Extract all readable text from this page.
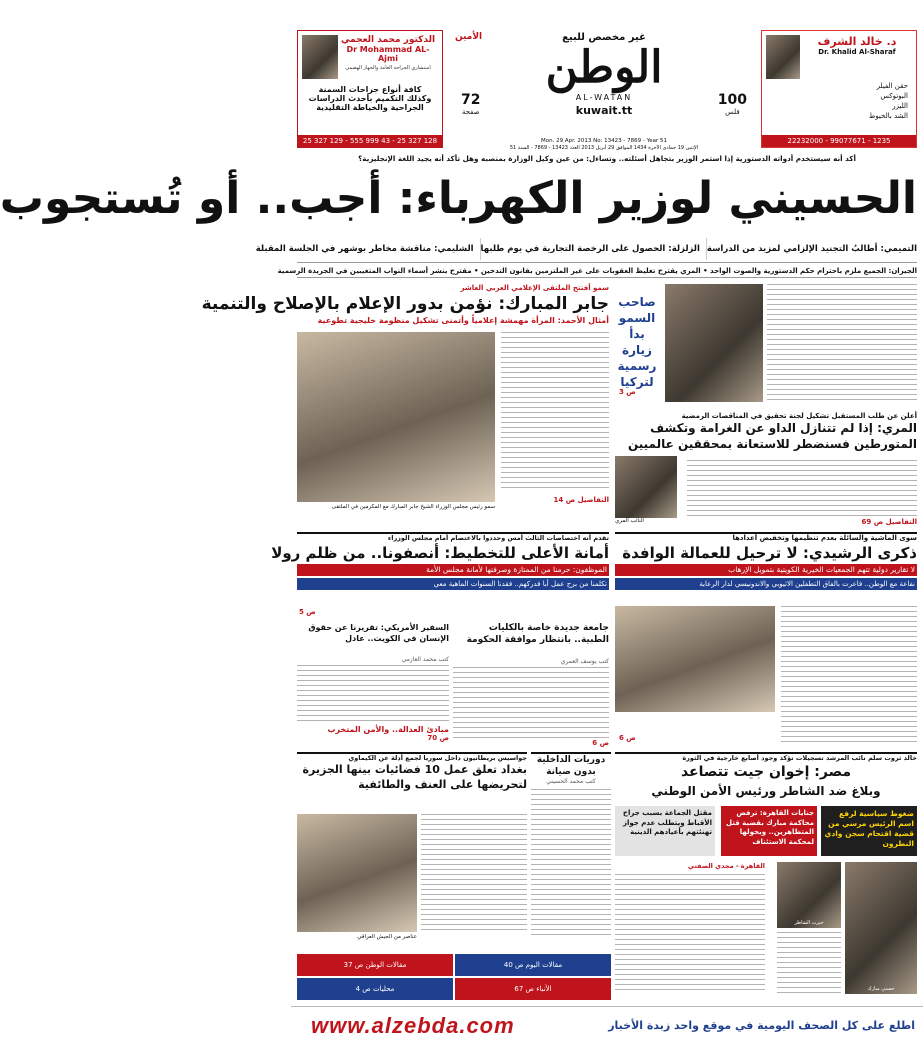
الدكتور محمد العجمي
Dr Mohammad AL-Ajmi
استشاري الجراحة العامة والجهاز الهضمي
كافة أنواع جراحات السمنة
وكذلك التكميم بأحدث الدراسات
الجراحية والخياطة التقليدية
25 327 129 - 555 999 43 - 25 327 128
غير مخصص للبيع
الأمين
الوطن
AL-WATAN
kuwait.tt
72
صفحة
100
فلس
Mon. 29 Apr. 2013 No: 13423 - 7869 - Year 51
الإثنين 19 جمادى الآخرة 1434 الموافق 29 أبريل 2013 العدد 13423 - 7869 - السنة 51
د. خالد الشرف
Dr. Khalid Al-Sharaf
حقن الفيلر
البوتوكس
الليزر
الشد بالخيوط
22232000 - 99077671 - 1235
أكد أنه سيستخدم أدواته الدستورية إذا استمر الوزير بتجاهل أسئلته.. وتساءل: من عين وكيل الوزارة بمنصبه وهل تأكد أنه يجيد اللغة الإنجليزية؟
الحسيني لوزير الكهرباء: أجب.. أو تُستجوب
التميمي: أطالبُ التجنيد الإلزامي لمزيد من الدراسة
الزلزلة: الحصول على الرخصة التجارية في يوم طلبها
الشليمي: مناقشة مخاطر بوشهر في الجلسة المقبلة
الجيران: الجميع ملزم باحترام حكم الدستورية والصوت الواحد • المري يقترح تغليظ العقوبات على غير الملتزمين بقانون التدخين • مقترح بنشر أسماء النواب المتغيبين في الجريدة الرسمية
سمو أفتتح الملتقى الإعلامي العربي العاشر
جابر المبارك: نؤمن بدور الإعلام بالإصلاح والتنمية
أمثال الأحمد: المرأة مهمشة إعلامياً وأتمنى تشكيل منظومة خليجية تطوعية
سمو رئيس مجلس الوزراء الشيخ جابر المبارك مع المكرمين في الملتقى
التفاصيل ص 14
صاحب السمو بدأ زيارة رسمية لتركيا
ص 3
أعلن عن طلب المستقبل تشكيل لجنة تحقيق في المناقصات الرمضية
المري: إذا لم تتنازل الداو عن الغرامة وتكشف المتورطين فسنضطر للاستعانة بمحققين عالميين
النائب المري	التفاصيل ص 69
سوى الماشية والسائلة بعدم تنظيمها وتخفيض أعدادها
ذكرى الرشيدي: لا ترحيل للعمالة الوافدة
لا تقارير دولية تتهم الجمعيات الخيرية الكويتية بتمويل الإرهاب
نفاعة مع الوطن.. فاعرت بالفاق التطفلين الاثيوبي والاندونيسي لدار الرعاية
ص 6
تقدم أنه اختصاصات الثالث أمس وحددوا بالاعتصام أمام مجلس الوزراء
أمانة الأعلى للتخطيط: أنصفونا.. من ظلم رولا
الموظفون: حرمنا من الممتازة وصرفتها لأمانة مجلس الأمة
تكلمنا من برج عمل أبا فدركهم.. فقدنا السنوات الماهية معي
ص 5
السفير الأمريكي: تقريرنا عن حقوق الإنسان في الكويت.. عادل
كتب محمد العازمي
مبادئ العدالة.. والأمن المتخرب
ص 70
جامعة جديدة خاصة بالكليات الطبية.. بانتظار موافقة الحكومة
كتب يوسف العمري
ص 6
خالد ثروت سلم نائب المرشد تسجيلات تؤكد وجود أصابع خارجية في الثورة
مصر: إخوان جيت تتصاعد
وبلاغ ضد الشاطر ورئيس الأمن الوطني
ضغوط سياسية لرفع اسم الرئيس مرسي من قضية اقتحام سجن وادي النطرون
جنايات القاهرة: ترفض محاكمة مبارك بقضية قتل المتظاهرين.. ويحولها لمحكمة الاستئناف
مقتل الجماعة بسبب جراح الأقباط ويتطلب عدم جواز تهنئتهم بأعيادهم الدينية
القاهرة - مجدي الصفتي
خيرت الشاطر
حسني مبارك
جواسيس بريطانيون داخل سوريا لجمع أدلة عن الكيماوي
بغداد تعلق عمل 10 فضائيات بينها الجزيرة لتحريضها على العنف والطائفية
عناصر من الجيش العراقي
دوريات الداخلية بدون صيانة
كتب محمد الحسيني
مقالات اليوم ص 40
مقالات الوطن ص 37
الأنباء ص 67
محليات ص 4
www.alzebda.com	اطلع على كل الصحف اليومية في موقع واحد زبدة الأخبار
